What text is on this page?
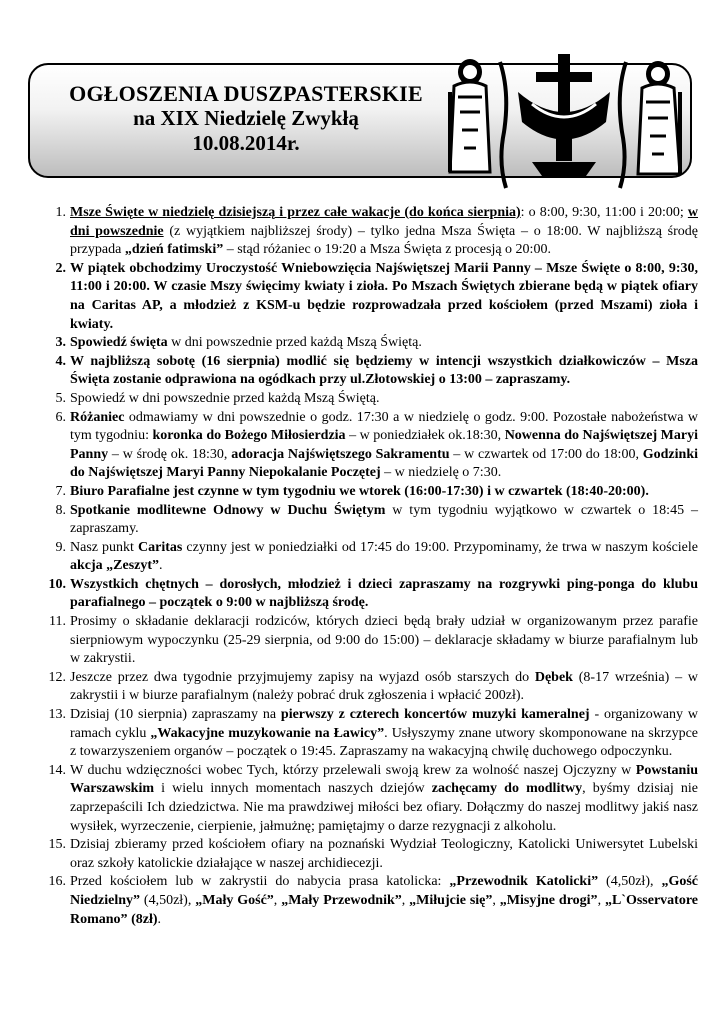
OGŁOSZENIA DUSZPASTERSKIE
na XIX Niedzielę Zwykłą
10.08.2014r.
1. Msze Święte w niedzielę dzisiejszą i przez całe wakacje (do końca sierpnia): o 8:00, 9:30, 11:00 i 20:00; w dni powszednie (z wyjątkiem najbliższej środy) – tylko jedna Msza Święta – o 18:00. W najbliższą środę przypada „dzień fatimski” – stąd różaniec o 19:20 a Msza Święta z procesją o 20:00.
2. W piątek obchodzimy Uroczystość Wniebowzięcia Najświętszej Marii Panny – Msze Święte o 8:00, 9:30, 11:00 i 20:00. W czasie Mszy święcimy kwiaty i zioła. Po Mszach Świętych zbierane będą w piątek ofiary na Caritas AP, a młodzież z KSM-u będzie rozprowadzała przed kościołem (przed Mszami) zioła i kwiaty.
3. Spowiedź święta w dni powszednie przed każdą Mszą Świętą.
4. W najbliższą sobotę (16 sierpnia) modlić się będziemy w intencji wszystkich działkowiczów – Msza Święta zostanie odprawiona na ogódkach przy ul.Złotowskiej o 13:00 – zapraszamy.
5. Spowiedź w dni powszednie przed każdą Mszą Świętą.
6. Różaniec odmawiamy w dni powszednie o godz. 17:30 a w niedzielę o godz. 9:00. Pozostałe nabożeństwa w tym tygodniu: koronka do Bożego Miłosierdzia – w poniedziałek ok.18:30, Nowenna do Najświętszej Maryi Panny – w środę ok. 18:30, adoracja Najświętszego Sakramentu – w czwartek od 17:00 do 18:00, Godzinki do Najświętszej Maryi Panny Niepokalanie Poczętej – w niedzielę o 7:30.
7. Biuro Parafialne jest czynne w tym tygodniu we wtorek (16:00-17:30) i w czwartek (18:40-20:00).
8. Spotkanie modlitewne Odnowy w Duchu Świętym w tym tygodniu wyjątkowo w czwartek o 18:45 – zapraszamy.
9. Nasz punkt Caritas czynny jest w poniedziałki od 17:45 do 19:00. Przypominamy, że trwa w naszym kościele akcja „Zeszyt”.
10. Wszystkich chętnych – dorosłych, młodzież i dzieci zapraszamy na rozgrywki ping-ponga do klubu parafialnego – początek o 9:00 w najbliższą środę.
11. Prosimy o składanie deklaracji rodziców, których dzieci będą brały udział w organizowanym przez parafie sierpniowym wypoczynku (25-29 sierpnia, od 9:00 do 15:00) – deklaracje składamy w biurze parafialnym lub w zakrystii.
12. Jeszcze przez dwa tygodnie przyjmujemy zapisy na wyjazd osób starszych do Dębek (8-17 września) – w zakrystii i w biurze parafialnym (należy pobrać druk zgłoszenia i wpłacić 200zł).
13. Dzisiaj (10 sierpnia) zapraszamy na pierwszy z czterech koncertów muzyki kameralnej - organizowany w ramach cyklu „Wakacyjne muzykowanie na Ławicy”. Usłyszymy znane utwory skomponowane na skrzypce z towarzyszeniem organów – początek o 19:45. Zapraszamy na wakacyjną chwilę duchowego odpoczynku.
14. W duchu wdzięczności wobec Tych, którzy przelewali swoją krew za wolność naszej Ojczyzny w Powstaniu Warszawskim i wielu innych momentach naszych dziejów zachęcamy do modlitwy, byśmy dzisiaj nie zaprzepaścili Ich dziedzictwa. Nie ma prawdziwej miłości bez ofiary. Dołączmy do naszej modlitwy jakiś nasz wysiłek, wyrzeczenie, cierpienie, jałmużnę; pamiętajmy o darze rezygnacji z alkoholu.
15. Dzisiaj zbieramy przed kościołem ofiary na poznański Wydział Teologiczny, Katolicki Uniwersytet Lubelski oraz szkoły katolickie działające w naszej archidiecezji.
16. Przed kościołem lub w zakrystii do nabycia prasa katolicka: „Przewodnik Katolicki” (4,50zł), „Gość Niedzielny” (4,50zł), „Mały Gość”, „Mały Przewodnik”, „Miłujcie się”, „Misyjne drogi”, „L`Osservatore Romano” (8zł).
